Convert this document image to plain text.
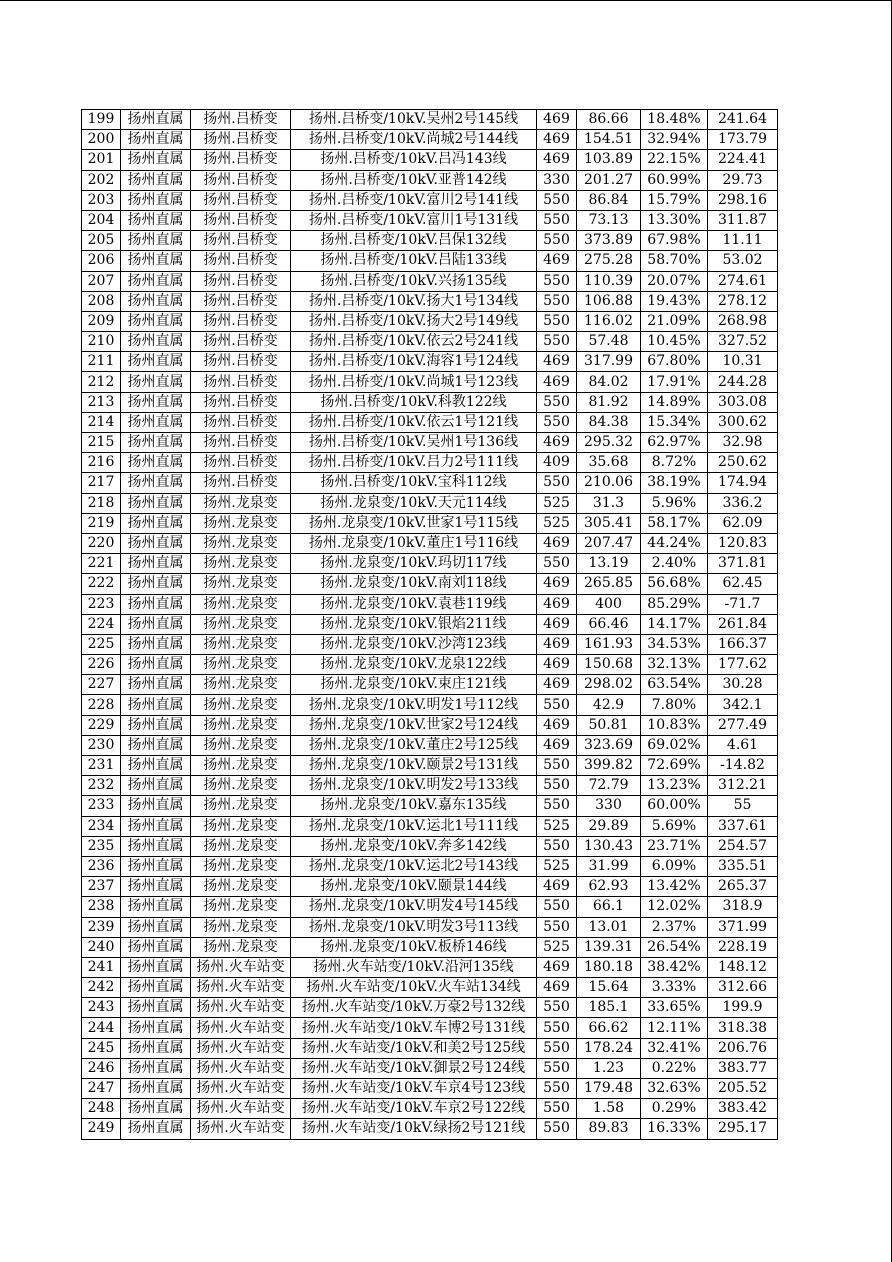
199	扬州直属	扬州.吕桥变	扬州.吕桥变/10kV.吴州2号145线	469	86.66	18.48%	241.64
200	扬州直属	扬州.吕桥变	扬州.吕桥变/10kV.尚城2号144线	469	154.51	32.94%	173.79
201	扬州直属	扬州.吕桥变	扬州.吕桥变/10kV.吕冯143线	469	103.89	22.15%	224.41
202	扬州直属	扬州.吕桥变	扬州.吕桥变/10kV.亚普142线	330	201.27	60.99%	29.73
203	扬州直属	扬州.吕桥变	扬州.吕桥变/10kV.富川2号141线	550	86.84	15.79%	298.16
204	扬州直属	扬州.吕桥变	扬州.吕桥变/10kV.富川1号131线	550	73.13	13.30%	311.87
205	扬州直属	扬州.吕桥变	扬州.吕桥变/10kV.吕保132线	550	373.89	67.98%	11.11
206	扬州直属	扬州.吕桥变	扬州.吕桥变/10kV.吕陆133线	469	275.28	58.70%	53.02
207	扬州直属	扬州.吕桥变	扬州.吕桥变/10kV.兴扬135线	550	110.39	20.07%	274.61
208	扬州直属	扬州.吕桥变	扬州.吕桥变/10kV.扬大1号134线	550	106.88	19.43%	278.12
209	扬州直属	扬州.吕桥变	扬州.吕桥变/10kV.扬大2号149线	550	116.02	21.09%	268.98
210	扬州直属	扬州.吕桥变	扬州.吕桥变/10kV.依云2号241线	550	57.48	10.45%	327.52
211	扬州直属	扬州.吕桥变	扬州.吕桥变/10kV.海容1号124线	469	317.99	67.80%	10.31
212	扬州直属	扬州.吕桥变	扬州.吕桥变/10kV.尚城1号123线	469	84.02	17.91%	244.28
213	扬州直属	扬州.吕桥变	扬州.吕桥变/10kV.科教122线	550	81.92	14.89%	303.08
214	扬州直属	扬州.吕桥变	扬州.吕桥变/10kV.依云1号121线	550	84.38	15.34%	300.62
215	扬州直属	扬州.吕桥变	扬州.吕桥变/10kV.吴州1号136线	469	295.32	62.97%	32.98
216	扬州直属	扬州.吕桥变	扬州.吕桥变/10kV.吕力2号111线	409	35.68	8.72%	250.62
217	扬州直属	扬州.吕桥变	扬州.吕桥变/10kV.宝科112线	550	210.06	38.19%	174.94
218	扬州直属	扬州.龙泉变	扬州.龙泉变/10kV.天元114线	525	31.3	5.96%	336.2
219	扬州直属	扬州.龙泉变	扬州.龙泉变/10kV.世家1号115线	525	305.41	58.17%	62.09
220	扬州直属	扬州.龙泉变	扬州.龙泉变/10kV.董庄1号116线	469	207.47	44.24%	120.83
221	扬州直属	扬州.龙泉变	扬州.龙泉变/10kV.玛切117线	550	13.19	2.40%	371.81
222	扬州直属	扬州.龙泉变	扬州.龙泉变/10kV.南刘118线	469	265.85	56.68%	62.45
223	扬州直属	扬州.龙泉变	扬州.龙泉变/10kV.袁巷119线	469	400	85.29%	-71.7
224	扬州直属	扬州.龙泉变	扬州.龙泉变/10kV.银焰211线	469	66.46	14.17%	261.84
225	扬州直属	扬州.龙泉变	扬州.龙泉变/10kV.沙湾123线	469	161.93	34.53%	166.37
226	扬州直属	扬州.龙泉变	扬州.龙泉变/10kV.龙泉122线	469	150.68	32.13%	177.62
227	扬州直属	扬州.龙泉变	扬州.龙泉变/10kV.束庄121线	469	298.02	63.54%	30.28
228	扬州直属	扬州.龙泉变	扬州.龙泉变/10kV.明发1号112线	550	42.9	7.80%	342.1
229	扬州直属	扬州.龙泉变	扬州.龙泉变/10kV.世家2号124线	469	50.81	10.83%	277.49
230	扬州直属	扬州.龙泉变	扬州.龙泉变/10kV.董庄2号125线	469	323.69	69.02%	4.61
231	扬州直属	扬州.龙泉变	扬州.龙泉变/10kV.颐景2号131线	550	399.82	72.69%	-14.82
232	扬州直属	扬州.龙泉变	扬州.龙泉变/10kV.明发2号133线	550	72.79	13.23%	312.21
233	扬州直属	扬州.龙泉变	扬州.龙泉变/10kV.嘉东135线	550	330	60.00%	55
234	扬州直属	扬州.龙泉变	扬州.龙泉变/10kV.运北1号111线	525	29.89	5.69%	337.61
235	扬州直属	扬州.龙泉变	扬州.龙泉变/10kV.奔多142线	550	130.43	23.71%	254.57
236	扬州直属	扬州.龙泉变	扬州.龙泉变/10kV.运北2号143线	525	31.99	6.09%	335.51
237	扬州直属	扬州.龙泉变	扬州.龙泉变/10kV.颐景144线	469	62.93	13.42%	265.37
238	扬州直属	扬州.龙泉变	扬州.龙泉变/10kV.明发4号145线	550	66.1	12.02%	318.9
239	扬州直属	扬州.龙泉变	扬州.龙泉变/10kV.明发3号113线	550	13.01	2.37%	371.99
240	扬州直属	扬州.龙泉变	扬州.龙泉变/10kV.板桥146线	525	139.31	26.54%	228.19
241	扬州直属	扬州.火车站变	扬州.火车站变/10kV.沿河135线	469	180.18	38.42%	148.12
242	扬州直属	扬州.火车站变	扬州.火车站变/10kV.火车站134线	469	15.64	3.33%	312.66
243	扬州直属	扬州.火车站变	扬州.火车站变/10kV.万豪2号132线	550	185.1	33.65%	199.9
244	扬州直属	扬州.火车站变	扬州.火车站变/10kV.车博2号131线	550	66.62	12.11%	318.38
245	扬州直属	扬州.火车站变	扬州.火车站变/10kV.和美2号125线	550	178.24	32.41%	206.76
246	扬州直属	扬州.火车站变	扬州.火车站变/10kV.御景2号124线	550	1.23	0.22%	383.77
247	扬州直属	扬州.火车站变	扬州.火车站变/10kV.车京4号123线	550	179.48	32.63%	205.52
248	扬州直属	扬州.火车站变	扬州.火车站变/10kV.车京2号122线	550	1.58	0.29%	383.42
249	扬州直属	扬州.火车站变	扬州.火车站变/10kV.绿扬2号121线	550	89.83	16.33%	295.17
